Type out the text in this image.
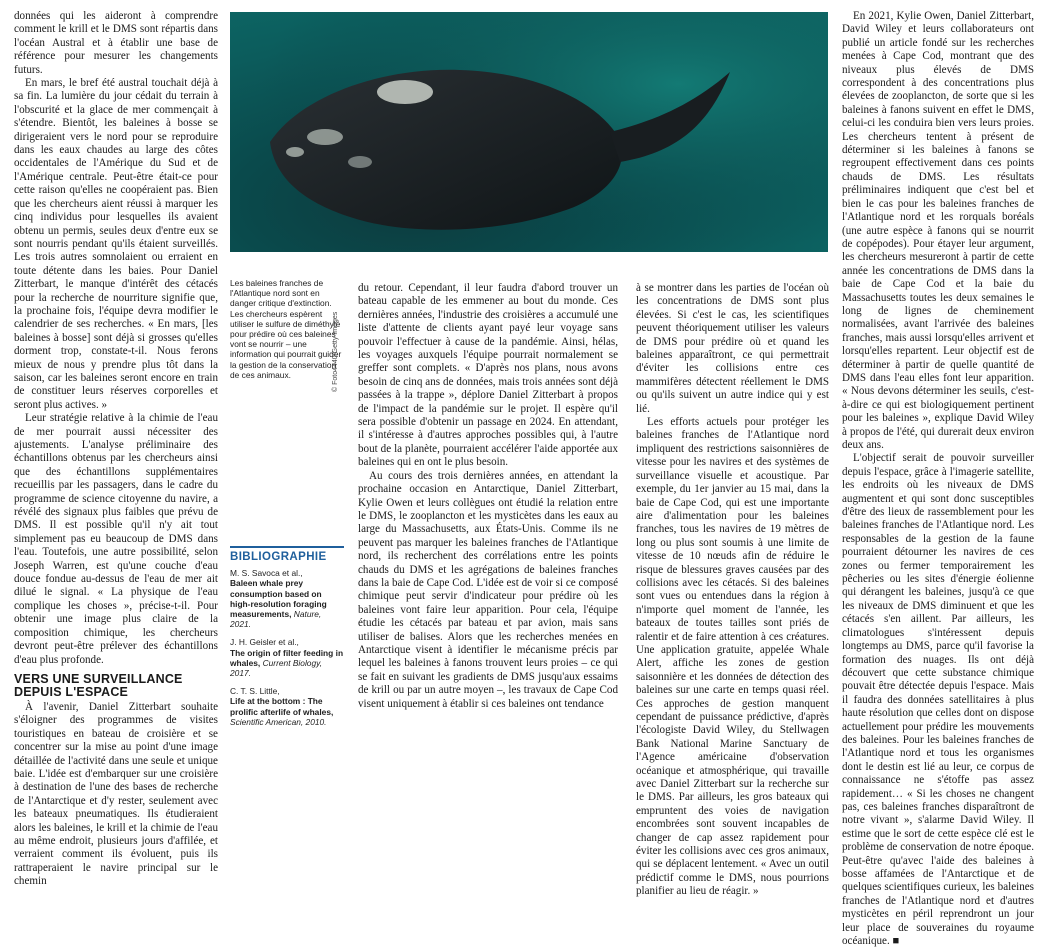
données qui les aideront à comprendre comment le krill et le DMS sont répartis dans l'océan Austral et à établir une base de référence pour mesurer les changements futurs.

En mars, le bref été austral touchait déjà à sa fin. La lumière du jour cédait du terrain à l'obscurité et la glace de mer commençait à s'étendre. Bientôt, les baleines à bosse se dirigeraient vers le nord pour se reproduire dans les eaux chaudes au large des côtes occidentales de l'Amérique du Sud et de l'Amérique centrale. Peut-être était-ce pour cette raison qu'elles ne coopéraient pas. Bien que les chercheurs aient réussi à marquer les cinq individus pour lesquelles ils avaient obtenu un permis, seules deux d'entre eux se sont nourris pendant qu'ils étaient surveillés. Les trois autres somnolaient ou erraient en toute détente dans les baies. Pour Daniel Zitterbart, le manque d'intérêt des cétacés pour la recherche de nourriture signifie que, la prochaine fois, l'équipe devra modifier le calendrier de ses recherches. « En mars, [les baleines à bosse] sont déjà si grosses qu'elles dorment trop, constate-t-il. Nous ferons mieux de nous y prendre plus tôt dans la saison, car les baleines seront encore en train de constituer leurs réserves corporelles et seront plus actives. »

Leur stratégie relative à la chimie de l'eau de mer pourrait aussi nécessiter des ajustements. L'analyse préliminaire des échantillons obtenus par les chercheurs ainsi que des échantillons supplémentaires recueillis par les passagers, dans le cadre du programme de science citoyenne du navire, a révélé des signaux plus faibles que prévu de DMS. Il est possible qu'il n'y ait tout simplement pas eu beaucoup de DMS dans l'eau. Toutefois, une autre possibilité, selon Joseph Warren, est qu'une couche d'eau douce fondue au-dessus de l'eau de mer ait dilué le signal. « La physique de l'eau complique les choses », précise-t-il. Pour obtenir une image plus claire de la composition chimique, les chercheurs devront peut-être prélever des échantillons d'eau plus profonde.

VERS UNE SURVEILLANCE DEPUIS L'ESPACE

À l'avenir, Daniel Zitterbart souhaite s'éloigner des programmes de visites touristiques en bateau de croisière et se concentrer sur la mise au point d'une image détaillée de l'activité dans une seule et unique baie. L'idée est d'embarquer sur une croisière à destination de l'une des bases de recherche de l'Antarctique et d'y rester, seulement avec les bateaux pneumatiques. Ils étudieraient alors les baleines, le krill et la chimie de l'eau au même endroit, plusieurs jours d'affilée, et verraient comment ils évoluent, puis ils rattraperaient le navire principal sur le chemin

Les baleines franches de l'Atlantique nord sont en danger critique d'extinction. Les chercheurs espèrent utiliser le sulfure de diméthyle pour prédire où ces baleines vont se nourrir – une information qui pourrait guider la gestion de la conservation de ces animaux.	© Foto4440/Getty Images
BIBLIOGRAPHIE
M. S. Savoca et al.,
Baleen whale prey consumption based on high-resolution foraging measurements, Nature, 2021.
J. H. Geisler et al.,
The origin of filter feeding in whales, Current Biology, 2017.
C. T. S. Little,
Life at the bottom : The prolific afterlife of whales, Scientific American, 2010.

du retour. Cependant, il leur faudra d'abord trouver un bateau capable de les emmener au bout du monde. Ces dernières années, l'industrie des croisières a accumulé une liste d'attente de clients ayant payé leur voyage sans pouvoir l'effectuer à cause de la pandémie. Ainsi, hélas, les voyages auxquels l'équipe pourrait normalement se greffer sont complets. « D'après nos plans, nous avons besoin de cinq ans de données, mais trois années sont déjà passées à la trappe », déplore Daniel Zitterbart à propos de l'impact de la pandémie sur le projet. Il espère qu'il sera possible d'obtenir un passage en 2024. En attendant, il s'intéresse à d'autres approches possibles qui, à l'autre bout de la planète, pourraient accélérer l'aide apportée aux baleines qui en ont le plus besoin.

Au cours des trois dernières années, en attendant la prochaine occasion en Antarctique, Daniel Zitterbart, Kylie Owen et leurs collègues ont étudié la relation entre le DMS, le zooplancton et les mysticètes dans les eaux au large du Massachusetts, aux États-Unis. Comme ils ne peuvent pas marquer les baleines franches de l'Atlantique nord, ils recherchent des corrélations entre les points chauds du DMS et les agrégations de baleines franches dans la baie de Cape Cod. L'idée est de voir si ce composé chimique peut servir d'indicateur pour prédire où les baleines vont faire leur apparition. Pour cela, l'équipe étudie les cétacés par bateau et par avion, mais sans utiliser de balises. Alors que les recherches menées en Antarctique visent à identifier le mécanisme précis par lequel les baleines à fanons trouvent leurs proies – ce qui se fait en suivant les gradients de DMS jusqu'aux essaims de krill ou par un autre moyen –, les travaux de Cape Cod visent uniquement à établir si ces baleines ont tendance

à se montrer dans les parties de l'océan où les concentrations de DMS sont plus élevées. Si c'est le cas, les scientifiques peuvent théoriquement utiliser les valeurs de DMS pour prédire où et quand les baleines apparaîtront, ce qui permettrait d'éviter les collisions entre ces mammifères détectent réellement le DMS ou qu'ils suivent un autre indice qui y est lié.

Les efforts actuels pour protéger les baleines franches de l'Atlantique nord impliquent des restrictions saisonnières de vitesse pour les navires et des systèmes de surveillance visuelle et acoustique. Par exemple, du 1er janvier au 15 mai, dans la baie de Cape Cod, qui est une importante aire d'alimentation pour les baleines franches, tous les navires de 19 mètres de long ou plus sont soumis à une limite de vitesse de 10 nœuds afin de réduire le risque de blessures graves causées par des collisions avec les cétacés. Si des baleines sont vues ou entendues dans la région à n'importe quel moment de l'année, les bateaux de toutes tailles sont priés de ralentir et de faire attention à ces créatures. Une application gratuite, appelée Whale Alert, affiche les zones de gestion saisonnière et les données de détection des baleines sur une carte en temps quasi réel. Ces approches de gestion manquent cependant de puissance prédictive, d'après l'écologiste David Wiley, du Stellwagen Bank National Marine Sanctuary de l'Agence américaine d'observation océanique et atmosphérique, qui travaille avec Daniel Zitterbart sur la recherche sur le DMS. Par ailleurs, les gros bateaux qui empruntent des voies de navigation encombrées sont souvent incapables de changer de cap assez rapidement pour éviter les collisions avec ces gros animaux, qui se déplacent lentement. « Avec un outil prédictif comme le DMS, nous pourrions planifier au lieu de réagir. »

En 2021, Kylie Owen, Daniel Zitterbart, David Wiley et leurs collaborateurs ont publié un article fondé sur les recherches menées à Cape Cod, montrant que des niveaux plus élevés de DMS correspondent à des concentrations plus élevées de zooplancton, de sorte que si les baleines à fanons suivent en effet le DMS, celui-ci les conduira bien vers leurs proies. Les chercheurs tentent à présent de déterminer si les baleines à fanons se regroupent effectivement dans ces points chauds de DMS. Les résultats préliminaires indiquent que c'est bel et bien le cas pour les baleines franches de l'Atlantique nord et les rorquals boréals (une autre espèce à fanons qui se nourrit de copépodes). Pour étayer leur argument, les chercheurs mesureront à partir de cette année les concentrations de DMS dans la baie de Cape Cod et la baie du Massachusetts toutes les deux semaines le long de lignes de cheminement normalisées, avant l'arrivée des baleines franches, mais aussi lorsqu'elles arrivent et lorsqu'elles repartent. Leur objectif est de déterminer à partir de quelle quantité de DMS dans l'eau elles font leur apparition. « Nous devons déterminer les seuils, c'est-à-dire ce qui est biologiquement pertinent pour les baleines », explique David Wiley à propos de l'été, qui durerait deux environ deux ans.

L'objectif serait de pouvoir surveiller depuis l'espace, grâce à l'imagerie satellite, les endroits où les niveaux de DMS augmentent et qui sont donc susceptibles d'être des lieux de rassemblement pour les baleines franches de l'Atlantique nord. Les responsables de la gestion de la faune pourraient détourner les navires de ces zones ou fermer temporairement les pêcheries ou les sites d'énergie éolienne qui dérangent les baleines, jusqu'à ce que les niveaux de DMS diminuent et que les cétacés s'en aillent. Par ailleurs, les climatologues s'intéressent depuis longtemps au DMS, parce qu'il favorise la formation des nuages. Ils ont déjà découvert que cette substance chimique pouvait être détectée depuis l'espace. Mais il faudra des données satellitaires à plus haute résolution que celles dont on dispose actuellement pour prédire les mouvements des baleines. Pour les baleines franches de l'Atlantique nord et tous les organismes dont le destin est lié au leur, ce corpus de connaissance ne s'étoffe pas assez rapidement… « Si les choses ne changent pas, ces baleines franches disparaîtront de notre vivant », s'alarme David Wiley. Il estime que le sort de cette espèce clé est le problème de conservation de notre époque. Peut-être qu'avec l'aide des baleines à bosse affamées de l'Antarctique et de quelques scientifiques curieux, les baleines franches de l'Atlantique nord et d'autres mysticètes en péril reprendront un jour leur place de souveraines du royaume océanique. ■
